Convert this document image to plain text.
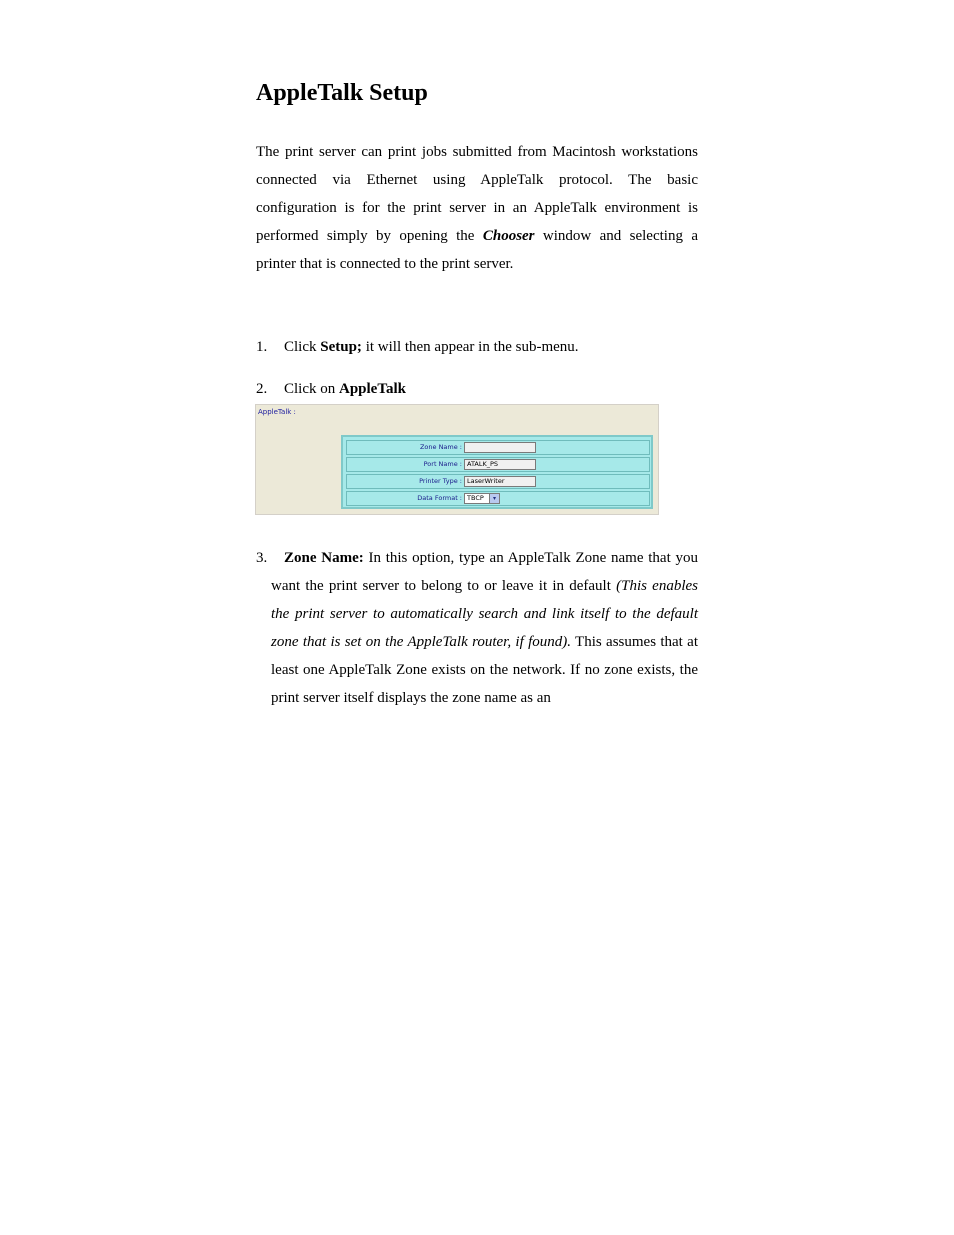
AppleTalk Setup

The print server can print jobs submitted from Macintosh workstations connected via Ethernet using AppleTalk protocol. The basic configuration is for the print server in an AppleTalk environment is performed simply by opening the Chooser window and selecting a printer that is connected to the print server.

1. Click Setup; it will then appear in the sub-menu.

2. Click on AppleTalk

AppleTalk :
Zone Name :
Port Name : ATALK_PS
Printer Type : LaserWriter
Data Format : TBCP	▾

3. Zone Name: In this option, type an AppleTalk Zone name that you want the print server to belong to or leave it in default (This enables the print server to automatically search and link itself to the default zone that is set on the AppleTalk router, if found). This assumes that at least one AppleTalk Zone exists on the network. If no zone exists, the print server itself displays the zone name as an
